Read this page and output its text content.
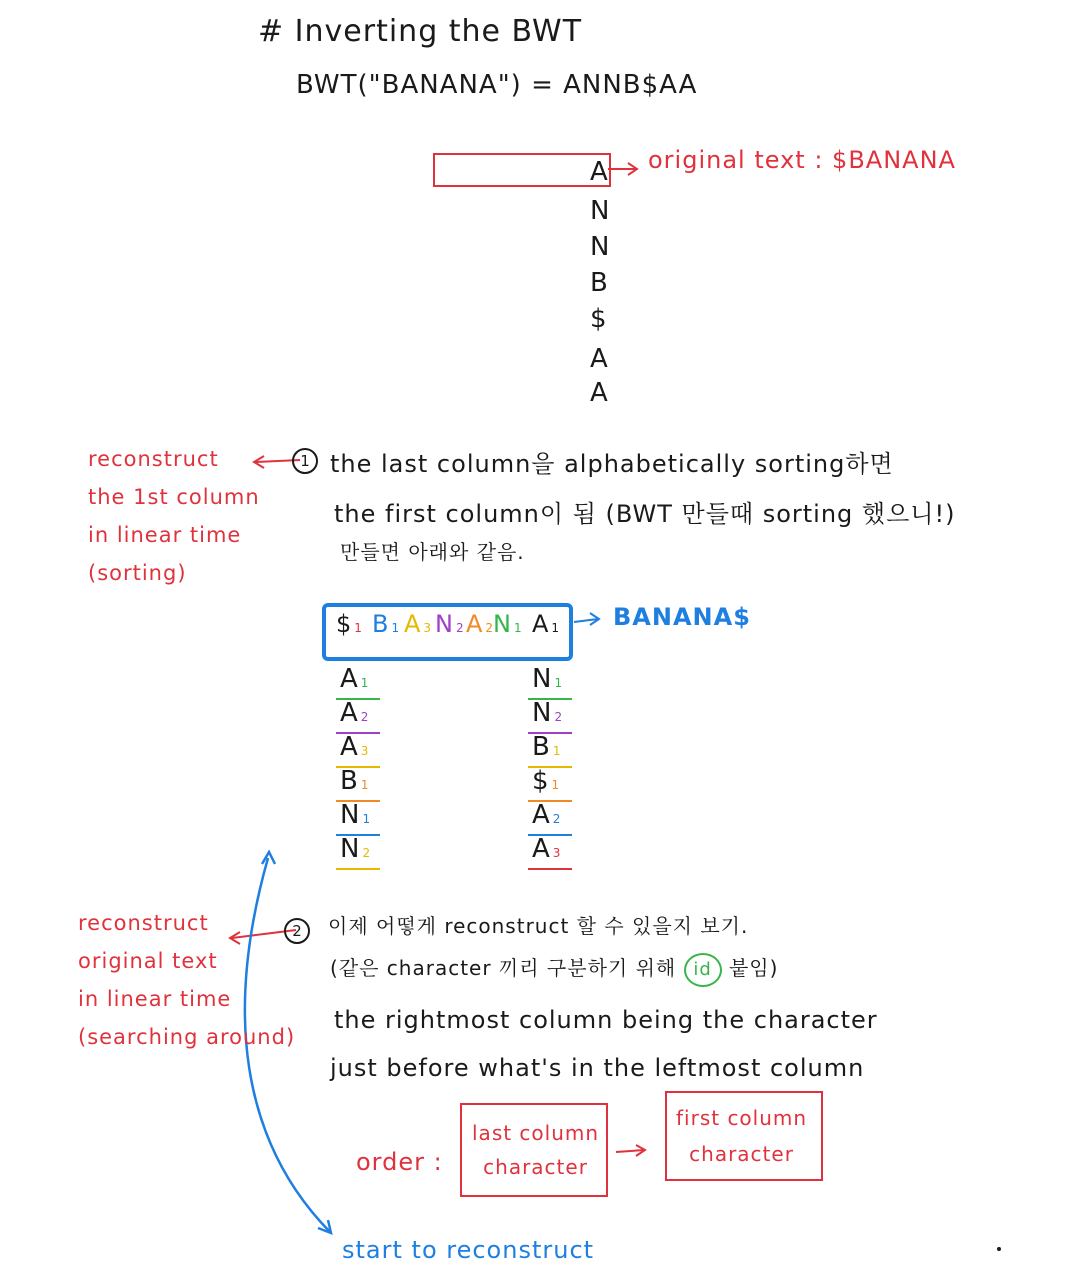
# Inverting the BWT
BWT("BANANA") = ANNB$AA
original text : $BANANA
A
N
N
B
$
A
A
1 the last column을 alphabetically sorting하면
the first column이 됨 (BWT 만들때 sorting 했으니!)
만들면 아래와 같음.
reconstruct
the 1st column
in linear time
(sorting)
$ 1 B 1 A 3 N 2 A 2 N 1 A 1 BANANA$
A 1
A 2
A 3
B 1
N 1
N 2
N 1
N 2
B 1
$ 1
A 2
A 3
2	이제 어떻게 reconstruct 할 수 있을지 보기.
(같은 character 끼리 구분하기 위해 id 붙임)
the rightmost column being the character
just before what's in the leftmost column
reconstruct
original text
in linear time
(searching around)
order :
last column
character
first column
character
start to reconstruct
